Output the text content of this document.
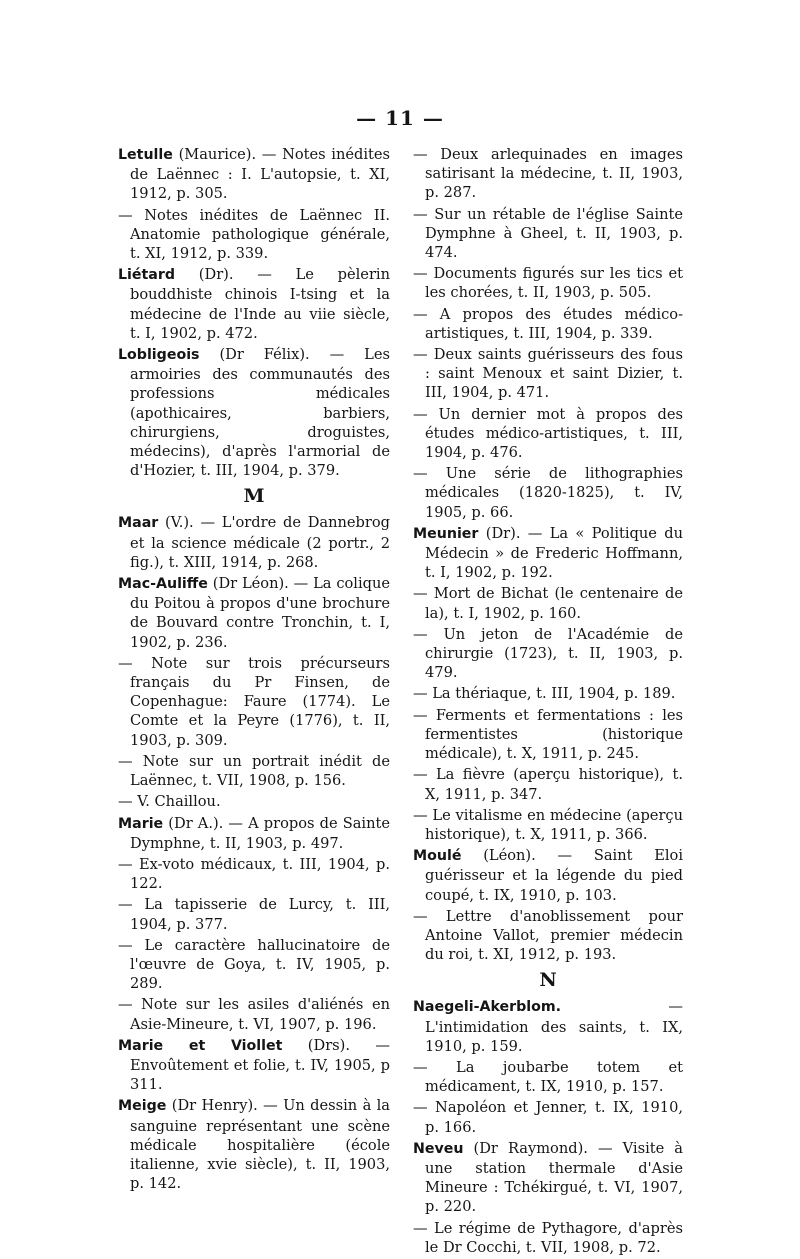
— 11 —
Letulle (Maurice). — Notes inédites de Laënnec : I. L'autopsie, t. XI, 1912, p. 305.
— Notes inédites de Laënnec II. Anatomie pathologique générale, t. XI, 1912, p. 339.
Liétard (Dr). — Le pèlerin bouddhiste chinois I-tsing et la médecine de l'Inde au viie siècle, t. I, 1902, p. 472.
Lobligeois (Dr Félix). — Les armoiries des communautés des professions médicales (apothicaires, barbiers, chirurgiens, droguistes, médecins), d'après l'armorial de d'Hozier, t. III, 1904, p. 379.
M
Maar (V.). — L'ordre de Dannebrog et la science médicale (2 portr., 2 fig.), t. XIII, 1914, p. 268.
Mac-Auliffe (Dr Léon). — La colique du Poitou à propos d'une brochure de Bouvard contre Tronchin, t. I, 1902, p. 236.
— Note sur trois précurseurs français du Pr Finsen, de Copenhague: Faure (1774). Le Comte et la Peyre (1776), t. II, 1903, p. 309.
— Note sur un portrait inédit de Laënnec, t. VII, 1908, p. 156.
— V. Chaillou.
Marie (Dr A.). — A propos de Sainte Dymphne, t. II, 1903, p. 497.
— Ex-voto médicaux, t. III, 1904, p. 122.
— La tapisserie de Lurcy, t. III, 1904, p. 377.
— Le caractère hallucinatoire de l'œuvre de Goya, t. IV, 1905, p. 289.
— Note sur les asiles d'aliénés en Asie-Mineure, t. VI, 1907, p. 196.
Marie et Viollet (Drs). — Envoûtement et folie, t. IV, 1905, p 311.
Meige (Dr Henry). — Un dessin à la sanguine représentant une scène médicale hospitalière (école italienne, xvie siècle), t. II, 1903, p. 142.
— Deux arlequinades en images satirisant la médecine, t. II, 1903, p. 287.
— Sur un rétable de l'église Sainte Dymphne à Gheel, t. II, 1903, p. 474.
— Documents figurés sur les tics et les chorées, t. II, 1903, p. 505.
— A propos des études médico-artistiques, t. III, 1904, p. 339.
— Deux saints guérisseurs des fous : saint Menoux et saint Dizier, t. III, 1904, p. 471.
— Un dernier mot à propos des études médico-artistiques, t. III, 1904, p. 476.
— Une série de lithographies médicales (1820-1825), t. IV, 1905, p. 66.
Meunier (Dr). — La « Politique du Médecin » de Frederic Hoffmann, t. I, 1902, p. 192.
— Mort de Bichat (le centenaire de la), t. I, 1902, p. 160.
— Un jeton de l'Académie de chirurgie (1723), t. II, 1903, p. 479.
— La thériaque, t. III, 1904, p. 189.
— Ferments et fermentations : les fermentistes (historique médicale), t. X, 1911, p. 245.
— La fièvre (aperçu historique), t. X, 1911, p. 347.
— Le vitalisme en médecine (aperçu historique), t. X, 1911, p. 366.
Moulé (Léon). — Saint Eloi guérisseur et la légende du pied coupé, t. IX, 1910, p. 103.
— Lettre d'anoblissement pour Antoine Vallot, premier médecin du roi, t. XI, 1912, p. 193.
N
Naegeli-Akerblom. — L'intimidation des saints, t. IX, 1910, p. 159.
— La joubarbe totem et médicament, t. IX, 1910, p. 157.
— Napoléon et Jenner, t. IX, 1910, p. 166.
Neveu (Dr Raymond). — Visite à une station thermale d'Asie Mineure : Tchékirgué, t. VI, 1907, p. 220.
— Le régime de Pythagore, d'après le Dr Cocchi, t. VII, 1908, p. 72.
